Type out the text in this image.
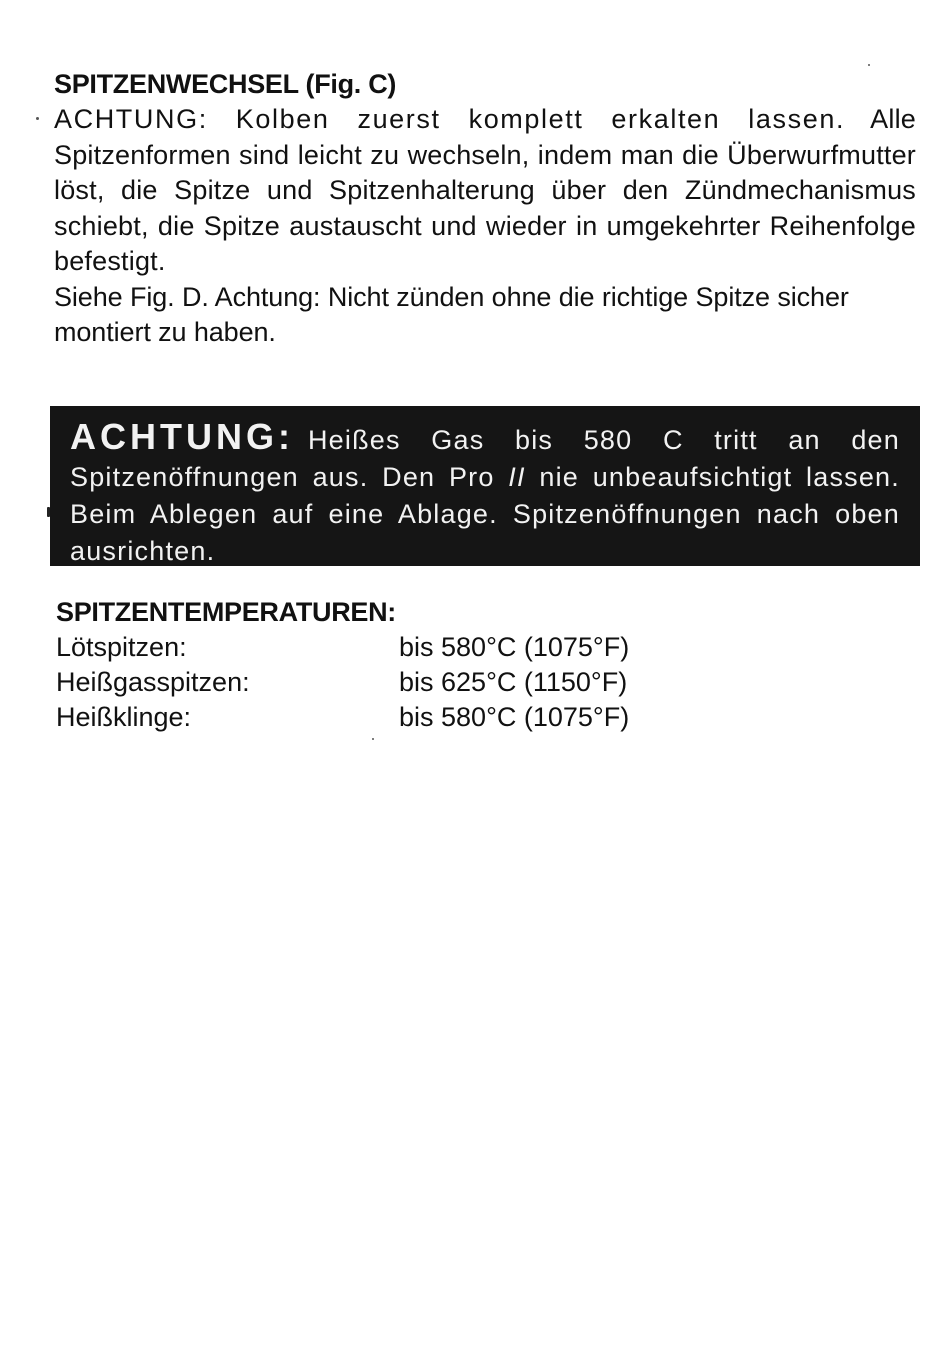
SPITZENWECHSEL (Fig. C)

ACHTUNG: Kolben zuerst komplett erkalten lassen. Alle Spitzenformen sind leicht zu wechseln, indem man die Überwurfmutter löst, die Spitze und Spitzenhalterung über den Zündmechanismus schiebt, die Spitze austauscht und wieder in umgekehrter Reihenfolge befestigt.

Siehe Fig. D. Achtung: Nicht zünden ohne die richtige Spitze sicher montiert zu haben.

ACHTUNG: Heißes Gas bis 580 C tritt an den Spitzenöffnungen aus. Den Pro II nie unbeaufsichtigt lassen. Beim Ablegen auf eine Ablage. Spitzenöffnungen nach oben ausrichten.

SPITZENTEMPERATUREN:
Lötspitzen:	bis 580°C (1075°F)
Heißgasspitzen:	bis 625°C (1150°F)
Heißklinge:	bis 580°C (1075°F)
